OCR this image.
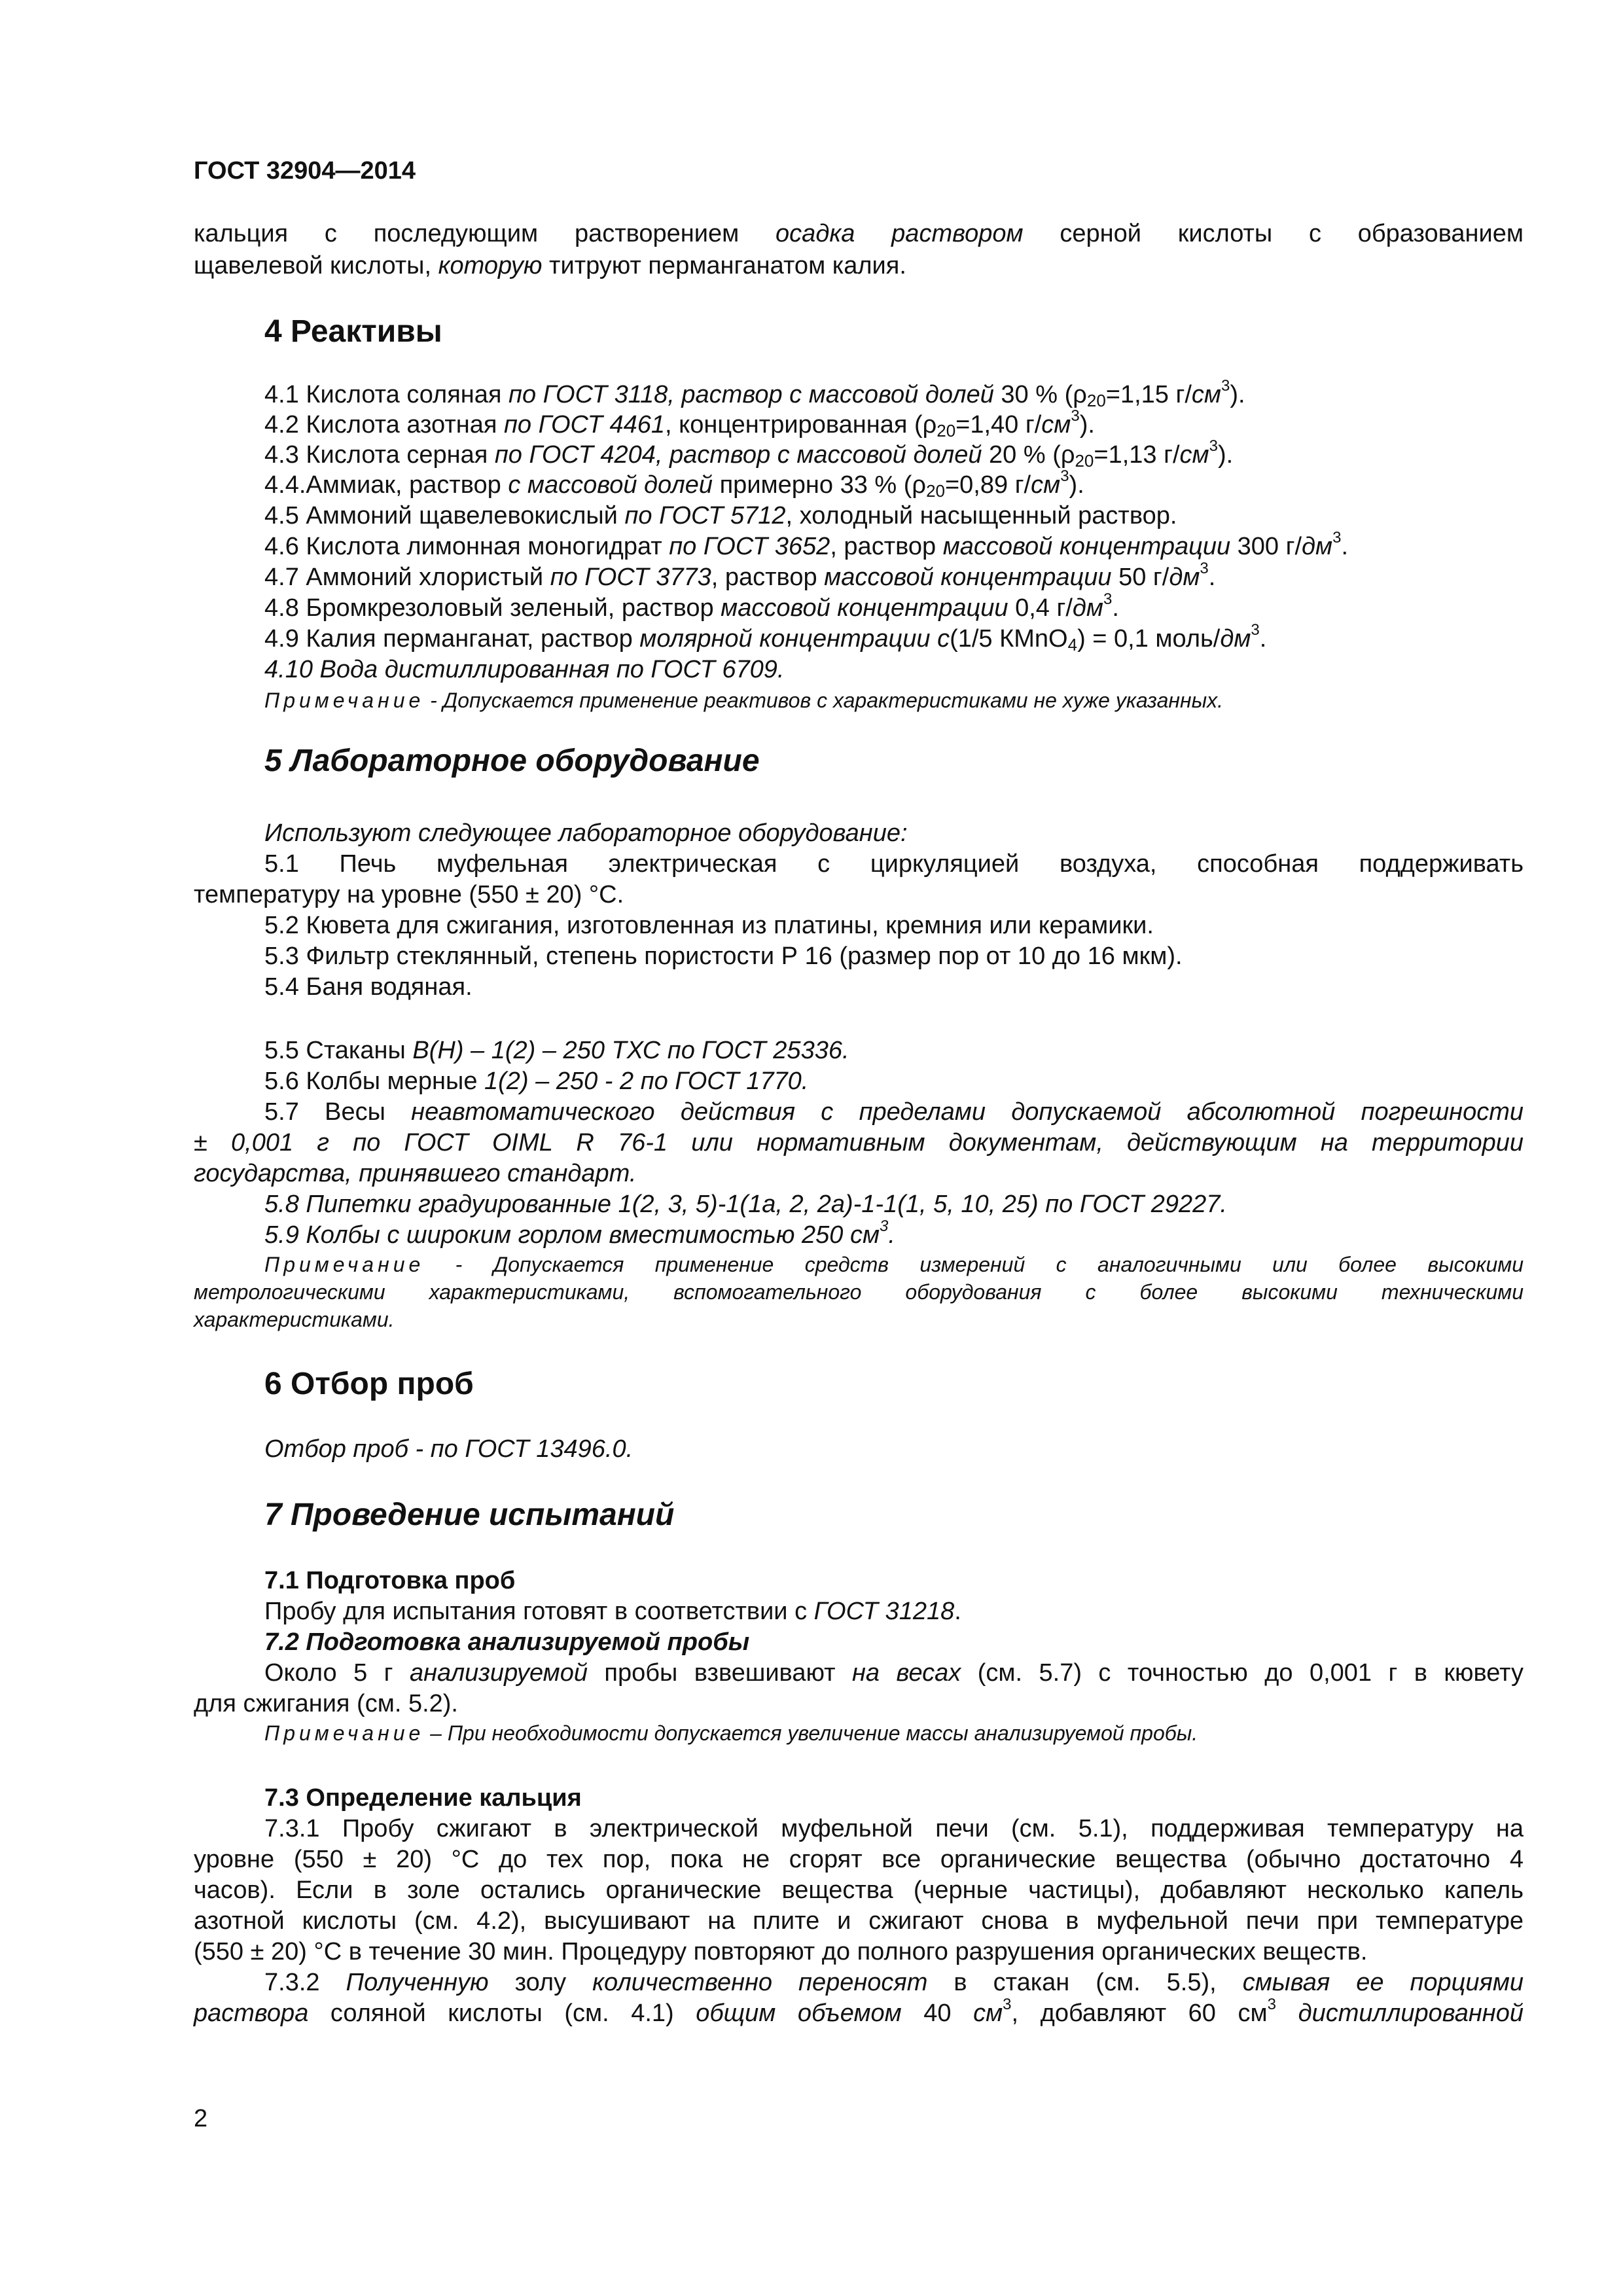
ГОСТ 32904—2014
кальция с последующим растворением осадка раствором серной кислоты с образованием
щавелевой кислоты, которую титруют перманганатом калия.
4 Реактивы
4.1 Кислота соляная по ГОСТ 3118, раствор с массовой долей 30 % ($\rho_{20}=1,15$ $г/см^3$).
4.2 Кислота азотная по ГОСТ 4461, концентрированная ($\rho_{20}=1,40$ $г/см^3$).
4.3 Кислота серная по ГОСТ 4204, раствор с массовой долей 20 % ($\rho_{20}=1,13$ $г/см^3$).
4.4.Аммиак, раствор с массовой долей примерно 33 % ($\rho_{20}=0,89$ $г/см^3$).
4.5 Аммоний щавелевокислый по ГОСТ 5712, холодный насыщенный раствор.
4.6 Кислота лимонная моногидрат по ГОСТ 3652, раствор массовой концентрации 300 $г/дм^3$.
4.7 Аммоний хлористый по ГОСТ 3773, раствор массовой концентрации 50 $г/дм^3$.
4.8 Бромкрезоловый зеленый, раствор массовой концентрации 0,4 $г/дм^3$.
4.9 Калия перманганат, раствор молярной концентрации с(1/5 КМnО$_4$) = 0,1 моль/$дм^3$.
4.10 Вода дистиллированная по ГОСТ 6709.
Примечание - Допускается применение реактивов с характеристиками не хуже указанных.
5 Лабораторное оборудование
Используют следующее лабораторное оборудование:
5.1 Печь муфельная электрическая с циркуляцией воздуха, способная поддерживать
температуру на уровне (550 ± 20) °С.
5.2 Кювета для сжигания, изготовленная из платины, кремния или керамики.
5.3 Фильтр стеклянный, степень пористости Р 16 (размер пор от 10 до 16 мкм).
5.4 Баня водяная.
5.5 Стаканы В(Н) – 1(2) – 250 ТХС по ГОСТ 25336.
5.6 Колбы мерные 1(2) – 250 - 2 по ГОСТ 1770.
5.7 Весы неавтоматического действия с пределами допускаемой абсолютной погрешности
± 0,001 г по ГОСТ OIML R 76-1 или нормативным документам, действующим на территории
государства, принявшего стандарт.
5.8 Пипетки градуированные 1(2, 3, 5)-1(1а, 2, 2а)-1-1(1, 5, 10, 25) по ГОСТ 29227.
5.9 Колбы с широким горлом вместимостью 250 $см^3$.
Примечание - Допускается применение средств измерений с аналогичными или более высокими
метрологическими характеристиками, вспомогательного оборудования с более высокими техническими
характеристиками.
6 Отбор проб
Отбор проб - по ГОСТ 13496.0.
7 Проведение испытаний
7.1 Подготовка проб
Пробу для испытания готовят в соответствии с ГОСТ 31218.
7.2 Подготовка анализируемой пробы
Около 5 г анализируемой пробы взвешивают на весах (см. 5.7) с точностью до 0,001 г в кювету
для сжигания (см. 5.2).
Примечание – При необходимости допускается увеличение массы анализируемой пробы.
7.3 Определение кальция
7.3.1 Пробу сжигают в электрической муфельной печи (см. 5.1), поддерживая температуру на
уровне (550 ± 20) °С до тех пор, пока не сгорят все органические вещества (обычно достаточно 4
часов). Если в золе остались органические вещества (черные частицы), добавляют несколько капель
азотной кислоты (см. 4.2), высушивают на плите и сжигают снова в муфельной печи при температуре
(550 ± 20) °С в течение 30 мин. Процедуру повторяют до полного разрушения органических веществ.
7.3.2 Полученную золу количественно переносят в стакан (см. 5.5), смывая ее порциями
раствора соляной кислоты (см. 4.1) общим объемом 40 $см^3$, добавляют 60 $см^3$ дистиллированной
2
